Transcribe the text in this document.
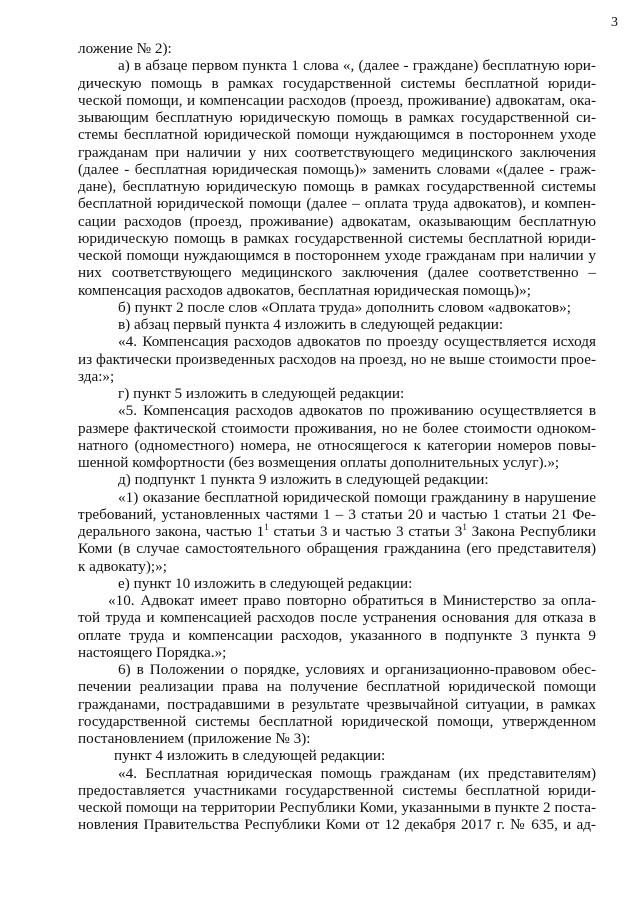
3
ложение № 2):
а) в абзаце первом пункта 1 слова «, (далее - граждане) бесплатную юри-
дическую помощь в рамках государственной системы бесплатной юриди-
ческой помощи, и компенсации расходов (проезд, проживание) адвокатам, ока-
зывающим бесплатную юридическую помощь в рамках государственной си-
стемы бесплатной юридической помощи нуждающимся в постороннем уходе
гражданам при наличии у них соответствующего медицинского заключения
(далее - бесплатная юридическая помощь)» заменить словами «(далее - граж-
дане), бесплатную юридическую помощь в рамках государственной системы
бесплатной юридической помощи (далее – оплата труда адвокатов), и компен-
сации расходов (проезд, проживание) адвокатам, оказывающим бесплатную
юридическую помощь в рамках государственной системы бесплатной юриди-
ческой помощи нуждающимся в постороннем уходе гражданам при наличии у
них соответствующего медицинского заключения (далее соответственно –
компенсация расходов адвокатов, бесплатная юридическая помощь)»;
б) пункт 2 после слов «Оплата труда» дополнить словом «адвокатов»;
в) абзац первый пункта 4 изложить в следующей редакции:
«4. Компенсация расходов адвокатов по проезду осуществляется исходя
из фактически произведенных расходов на проезд, но не выше стоимости прое-
зда:»;
г) пункт 5 изложить в следующей редакции:
«5. Компенсация расходов адвокатов по проживанию осуществляется в
размере фактической стоимости проживания, но не более стоимости одноком-
натного (одноместного) номера, не относящегося к категории номеров повы-
шенной комфортности (без возмещения оплаты дополнительных услуг).»;
д) подпункт 1 пункта 9 изложить в следующей редакции:
«1) оказание бесплатной юридической помощи гражданину в нарушение
требований, установленных частями 1 – 3 статьи 20 и частью 1 статьи 21 Фе-
дерального закона, частью $1^1$ статьи 3 и частью 3 статьи $3^1$ Закона Республики
Коми (в случае самостоятельного обращения гражданина (его представителя)
к адвокату);»;
е) пункт 10 изложить в следующей редакции:
«10. Адвокат имеет право повторно обратиться в Министерство за опла-
той труда и компенсацией расходов после устранения основания для отказа в
оплате труда и компенсации расходов, указанного в подпункте 3 пункта 9
настоящего Порядка.»;
6) в Положении о порядке, условиях и организационно-правовом обес-
печении реализации права на получение бесплатной юридической помощи
гражданами, пострадавшими в результате чрезвычайной ситуации, в рамках
государственной системы бесплатной юридической помощи, утвержденном
постановлением (приложение № 3):
пункт 4 изложить в следующей редакции:
«4. Бесплатная юридическая помощь гражданам (их представителям)
предоставляется участниками государственной системы бесплатной юриди-
ческой помощи на территории Республики Коми, указанными в пункте 2 поста-
новления Правительства Республики Коми от 12 декабря 2017 г. № 635, и ад-
